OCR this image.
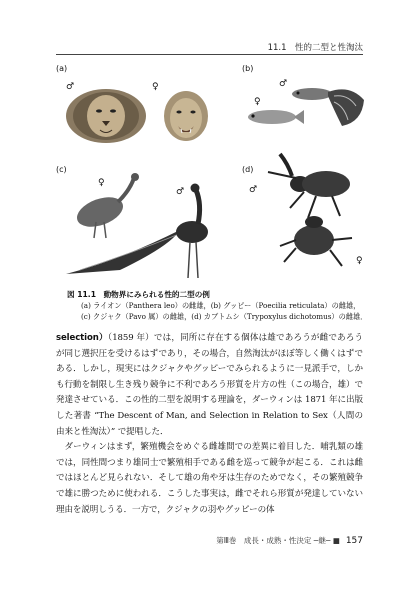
11.1　性的二型と性淘汰
(a)
♂	♀
(b)
♂
♀
(c)
♀
♂
(d)
♂
♀
図 11.1　動物界にみられる性的二型の例
(a) ライオン（Panthera leo）の雌雄，(b) グッピー（Poecilia reticulata）の雌雄，
(c) クジャク（Pavo 属）の雌雄，(d) カブトムシ（Trypoxylus dichotomus）の雌雄．

selection）（1859 年）では，同所に存在する個体は雄であろうが雌であろうが同じ選択圧を受けるはずであり，その場合，自然淘汰がほぼ等しく働くはずである．しかし，現実にはクジャクやグッピーでみられるように一見派手で，しかも行動を制限し生き残り競争に不利であろう形質を片方の性（この場合，雄）で発達させている．この性的二型を説明する理論を，ダーウィンは 1871 年に出版した著書 “The Descent of Man, and Selection in Relation to Sex（人間の由来と性淘汰）” で提唱した．

ダーウィンはまず，繁殖機会をめぐる雌雄間での差異に着目した．哺乳類の雄では，同性間つまり雄同士で繁殖相手である雌を巡って競争が起こる．これは雌ではほとんど見られない．そして雄の角や牙は生存のためでなく，その繁殖競争で雄に勝つために使われる．こうした事実は，雌でそれら形質が発達していない理由を説明しうる．一方で，クジャクの羽やグッピーの体

第Ⅲ巻　成長・成熟・性決定 ─継─ ■ 157
